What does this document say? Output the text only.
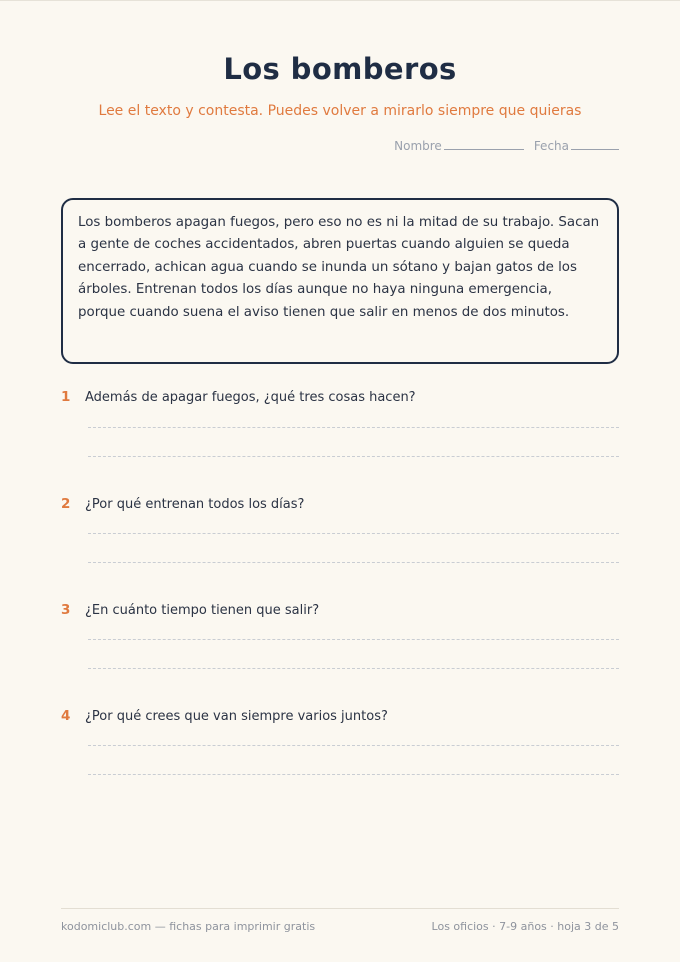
Los bomberos
Lee el texto y contesta. Puedes volver a mirarlo siempre que quieras
Nombre	Fecha
Los bomberos apagan fuegos, pero eso no es ni la mitad de su trabajo. Sacan a gente de coches accidentados, abren puertas cuando alguien se queda encerrado, achican agua cuando se inunda un sótano y bajan gatos de los árboles. Entrenan todos los días aunque no haya ninguna emergencia, porque cuando suena el aviso tienen que salir en menos de dos minutos.
1	Además de apagar fuegos, ¿qué tres cosas hacen?
2	¿Por qué entrenan todos los días?
3	¿En cuánto tiempo tienen que salir?
4	¿Por qué crees que van siempre varios juntos?
kodomiclub.com — fichas para imprimir gratis	Los oficios · 7-9 años · hoja 3 de 5
